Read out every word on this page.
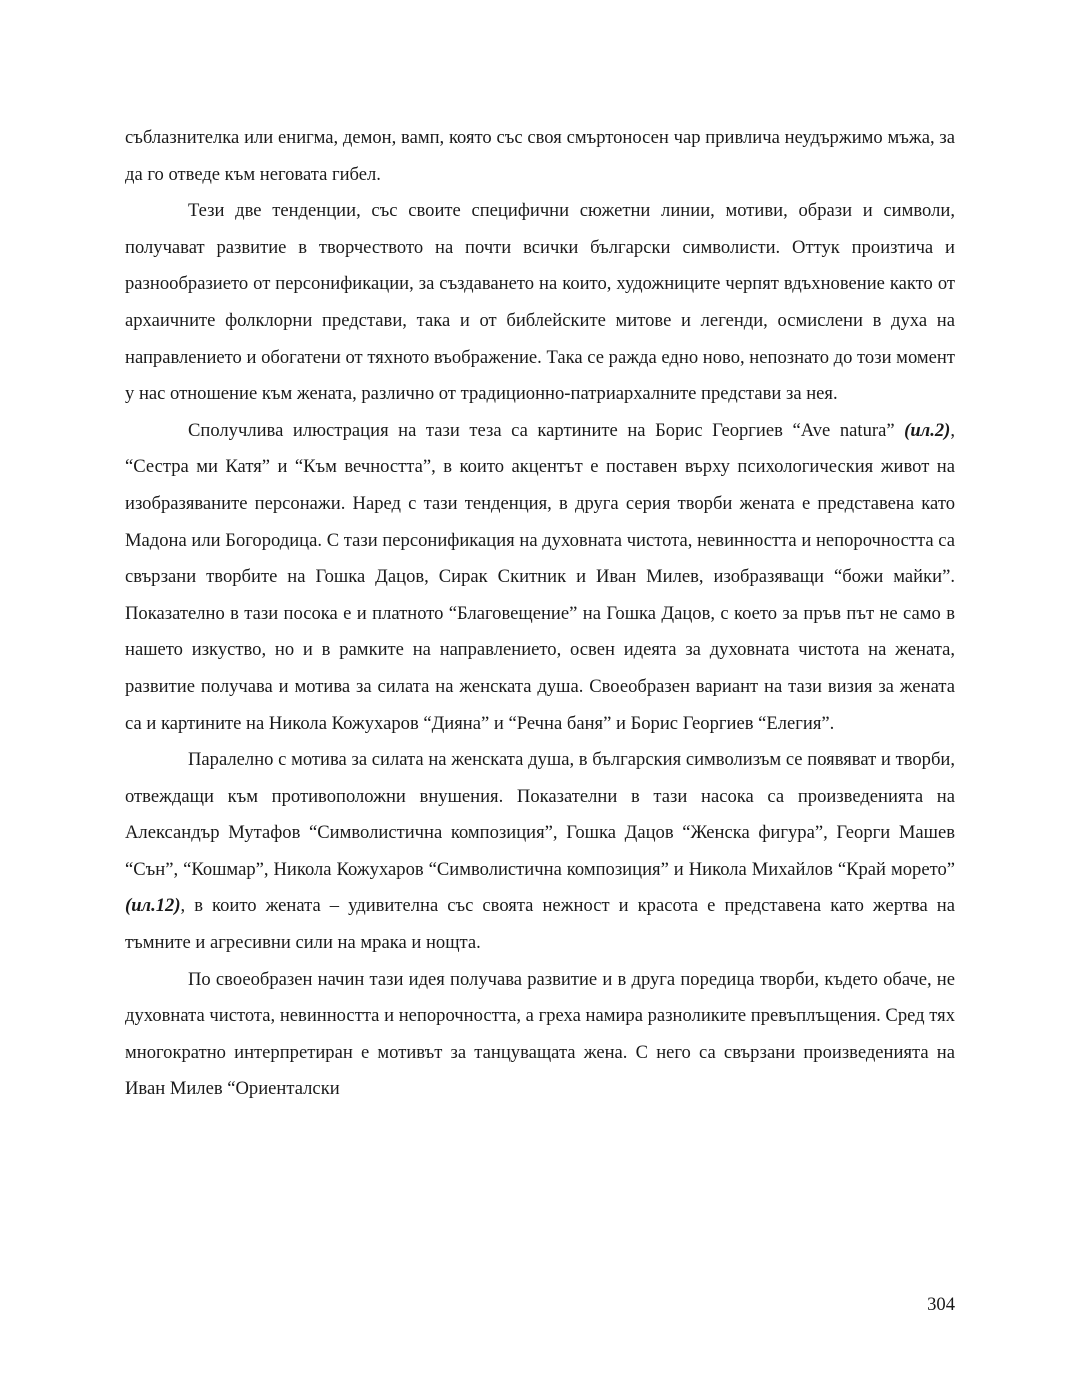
съблазнителка или енигма, демон, вамп, която със своя смъртоносен чар привлича неудържимо мъжа, за да го отведе към неговата гибел.

Тези две тенденции, със своите специфични сюжетни линии, мотиви, образи и символи, получават развитие в творчеството на почти всички български символисти. Оттук произтича и разнообразието от персонификации, за създаването на които, художниците черпят вдъхновение както от архаичните фолклорни представи, така и от библейските митове и легенди, осмислени в духа на направлението и обогатени от тяхното въображение. Така се ражда едно ново, непознато до този момент у нас отношение към жената, различно от традиционно-патриархалните представи за нея.

Сполучлива илюстрация на тази теза са картините на Борис Георгиев “Ave natura” (ил.2), “Сестра ми Катя” и “Към вечността”, в които акцентът е поставен върху психологическия живот на изобразяваните персонажи. Наред с тази тенденция, в друга серия творби жената е представена като Мадона или Богородица. С тази персонификация на духовната чистота, невинността и непорочността са свързани творбите на Гошка Дацов, Сирак Скитник и Иван Милев, изобразяващи “божи майки”. Показателно в тази посока е и платното “Благовещение” на Гошка Дацов, с което за пръв път не само в нашето изкуство, но и в рамките на направлението, освен идеята за духовната чистота на жената, развитие получава и мотива за силата на женската душа. Своеобразен вариант на тази визия за жената са и картините на Никола Кожухаров “Дияна” и “Речна баня” и Борис Георгиев “Елегия”.

Паралелно с мотива за силата на женската душа, в българския символизъм се появяват и творби, отвеждащи към противоположни внушения. Показателни в тази насока са произведенията на Александър Мутафов “Символистична композиция”, Гошка Дацов “Женска фигура”, Георги Машев “Сън”, “Кошмар”, Никола Кожухаров “Символистична композиция” и Никола Михайлов “Край морето” (ил.12), в които жената – удивителна със своята нежност и красота е представена като жертва на тъмните и агресивни сили на мрака и нощта.

По своеобразен начин тази идея получава развитие и в друга поредица творби, където обаче, не духовната чистота, невинността и непорочността, а греха намира разноликите превъплъщения. Сред тях многократно интерпретиран е мотивът за танцуващата жена. С него са свързани произведенията на Иван Милев “Ориенталски

304
